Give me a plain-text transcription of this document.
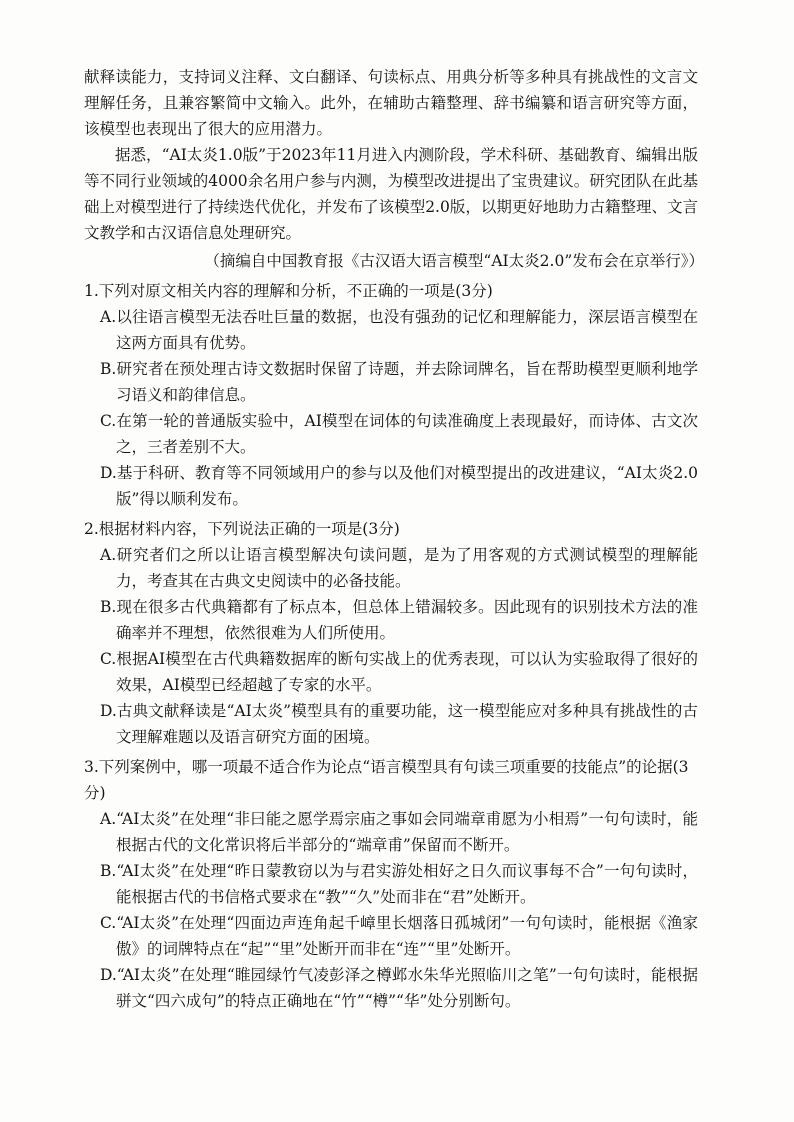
献释读能力，支持词义注释、文白翻译、句读标点、用典分析等多种具有挑战性的文言文理解任务，且兼容繁简中文输入。此外，在辅助古籍整理、辞书编纂和语言研究等方面，该模型也表现出了很大的应用潜力。

据悉，“AI太炎1.0版”于2023年11月进入内测阶段，学术科研、基础教育、编辑出版等不同行业领域的4000余名用户参与内测，为模型改进提出了宝贵建议。研究团队在此基础上对模型进行了持续迭代优化，并发布了该模型2.0版，以期更好地助力古籍整理、文言文教学和古汉语信息处理研究。

（摘编自中国教育报《古汉语大语言模型“AI太炎2.0”发布会在京举行》）

1.下列对原文相关内容的理解和分析，不正确的一项是(3分)

A.以往语言模型无法吞吐巨量的数据，也没有强劲的记忆和理解能力，深层语言模型在这两方面具有优势。

B.研究者在预处理古诗文数据时保留了诗题，并去除词牌名，旨在帮助模型更顺利地学习语义和韵律信息。

C.在第一轮的普通版实验中，AI模型在词体的句读准确度上表现最好，而诗体、古文次之，三者差别不大。

D.基于科研、教育等不同领域用户的参与以及他们对模型提出的改进建议，“AI太炎2.0版”得以顺利发布。

2.根据材料内容，下列说法正确的一项是(3分)

A.研究者们之所以让语言模型解决句读问题，是为了用客观的方式测试模型的理解能力，考查其在古典文史阅读中的必备技能。

B.现在很多古代典籍都有了标点本，但总体上错漏较多。因此现有的识别技术方法的准确率并不理想，依然很难为人们所使用。

C.根据AI模型在古代典籍数据库的断句实战上的优秀表现，可以认为实验取得了很好的效果，AI模型已经超越了专家的水平。

D.古典文献释读是“AI太炎”模型具有的重要功能，这一模型能应对多种具有挑战性的古文理解难题以及语言研究方面的困境。

3.下列案例中，哪一项最不适合作为论点“语言模型具有句读三项重要的技能点”的论据(3分)

A.“AI太炎”在处理“非曰能之愿学焉宗庙之事如会同端章甫愿为小相焉”一句句读时，能根据古代的文化常识将后半部分的“端章甫”保留而不断开。

B.“AI太炎”在处理“昨日蒙教窃以为与君实游处相好之日久而议事每不合”一句句读时，能根据古代的书信格式要求在“教”“久”处而非在“君”处断开。

C.“AI太炎”在处理“四面边声连角起千嶂里长烟落日孤城闭”一句句读时，能根据《渔家傲》的词牌特点在“起”“里”处断开而非在“连”“里”处断开。

D.“AI太炎”在处理“睢园绿竹气凌彭泽之樽邺水朱华光照临川之笔”一句句读时，能根据骈文“四六成句”的特点正确地在“竹”“樽”“华”处分别断句。
